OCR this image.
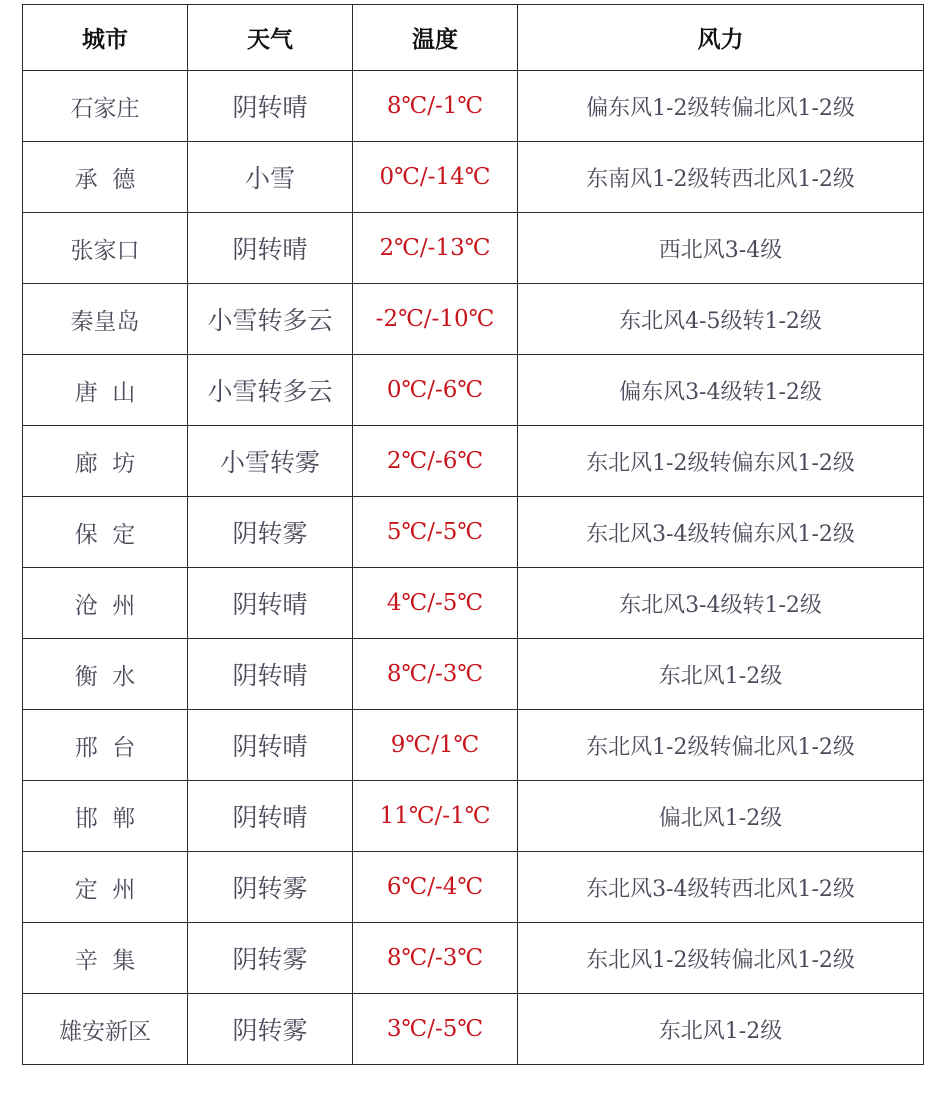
城市	天气	温度	风力
石家庄	阴转晴	8℃/-1℃	偏东风1-2级转偏北风1-2级
承  德	小雪	0℃/-14℃	东南风1-2级转西北风1-2级
张家口	阴转晴	2℃/-13℃	西北风3-4级
秦皇岛	小雪转多云	-2℃/-10℃	东北风4-5级转1-2级
唐  山	小雪转多云	0℃/-6℃	偏东风3-4级转1-2级
廊  坊	小雪转雾	2℃/-6℃	东北风1-2级转偏东风1-2级
保  定	阴转雾	5℃/-5℃	东北风3-4级转偏东风1-2级
沧  州	阴转晴	4℃/-5℃	东北风3-4级转1-2级
衡  水	阴转晴	8℃/-3℃	东北风1-2级
邢  台	阴转晴	9℃/1℃	东北风1-2级转偏北风1-2级
邯  郸	阴转晴	11℃/-1℃	偏北风1-2级
定  州	阴转雾	6℃/-4℃	东北风3-4级转西北风1-2级
辛  集	阴转雾	8℃/-3℃	东北风1-2级转偏北风1-2级
雄安新区	阴转雾	3℃/-5℃	东北风1-2级
